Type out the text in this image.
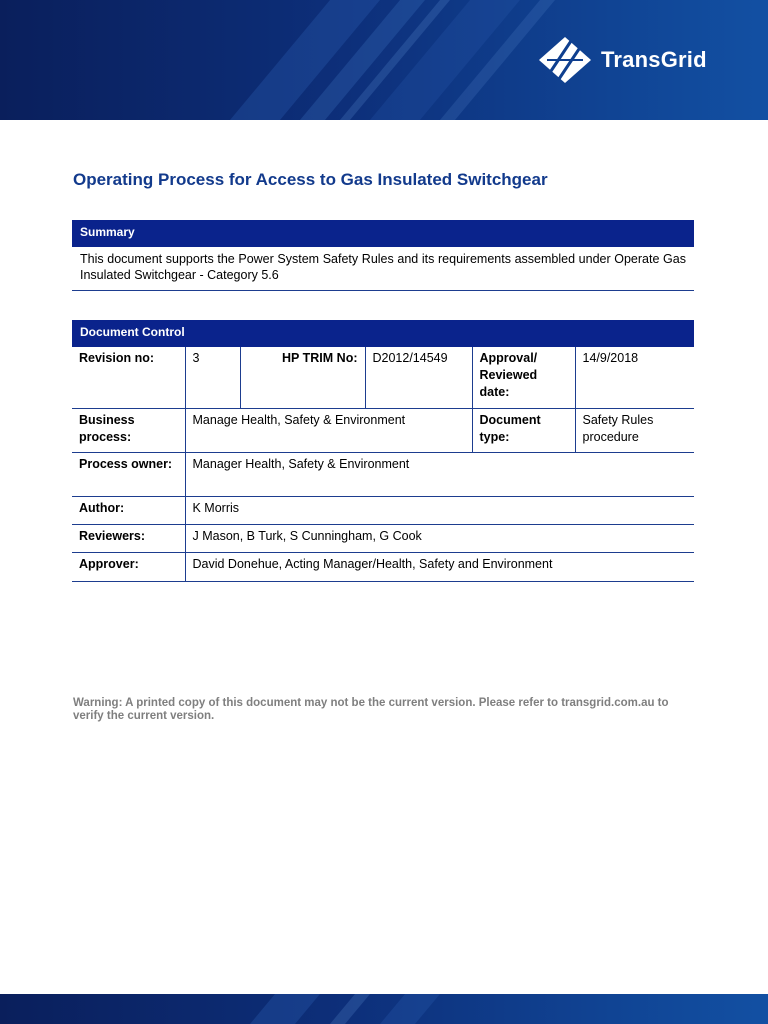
TransGrid
Operating Process for Access to Gas Insulated Switchgear
Summary
This document supports the Power System Safety Rules and its requirements assembled under Operate Gas Insulated Switchgear - Category 5.6
Document Control
Revision no:	3	HP TRIM No:	D2012/14549	Approval/ Reviewed date:	14/9/2018
Business process:	Manage Health, Safety & Environment			Document type:	Safety Rules procedure
Process owner:	Manager Health, Safety & Environment				
Author:	K Morris				
Reviewers:	J Mason, B Turk, S Cunningham, G Cook				
Approver:	David Donehue, Acting Manager/Health, Safety and Environment				

Warning: A printed copy of this document may not be the current version. Please refer to transgrid.com.au to verify the current version.
